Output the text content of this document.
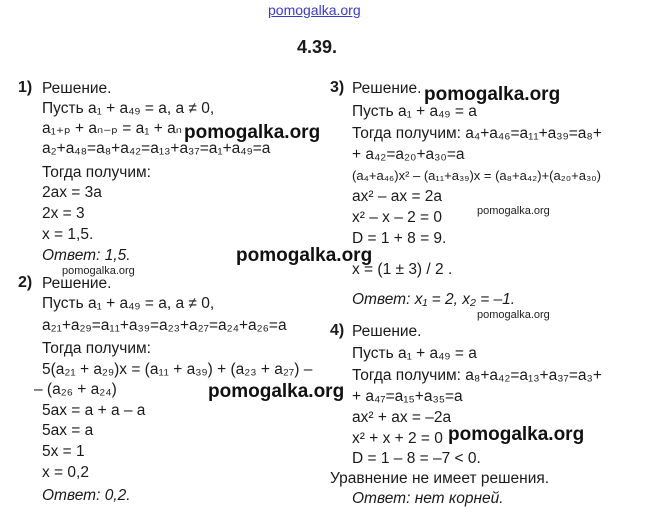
pomogalka.org
4.39.
1) Решение.
Пусть a₁ + a₄₉ = a, a ≠ 0,
a₁₊ₚ + aₙ₋ₚ = a₁ + aₙ
a₂+a₄₈=a₈+a₄₂=a₁₃+a₃₇=a₁+a₄₉=a
Тогда получим:
2ax = 3a
2x = 3
x = 1,5.
Ответ: 1,5.
2) Решение.
Пусть a₁ + a₄₉ = a, a ≠ 0,
a₂₁+a₂₉=a₁₁+a₃₉=a₂₃+a₂₇=a₂₄+a₂₆=a
Тогда получим:
5(a₂₁ + a₂₉)x = (a₁₁ + a₃₉) + (a₂₃ + a₂₇) –
– (a₂₆ + a₂₄)
5ax = a + a – a
5ax = a
5x = 1
x = 0,2
Ответ: 0,2.
3) Решение.
Пусть a₁ + a₄₉ = a
Тогда получим: a₄+a₄₆=a₁₁+a₃₉=a₈+
+ a₄₂=a₂₀+a₃₀=a
(a₄+a₄₆)x² – (a₁₁+a₃₉)x = (a₈+a₄₂)+(a₂₀+a₃₀)
ax² – ax = 2a
x² – x – 2 = 0
D = 1 + 8 = 9.
x = (1 ± 3) / 2 .
Ответ: x₁ = 2, x₂ = –1.
4) Решение.
Пусть a₁ + a₄₉ = a
Тогда получим: a₈+a₄₂=a₁₃+a₃₇=a₃+
+ a₄₇=a₁₅+a₃₅=a
ax² + ax = –2a
x² + x + 2 = 0
D = 1 – 8 = –7 < 0.
Уравнение не имеет решения.
Ответ: нет корней.
pomogalka.org
pomogalka.org
pomogalka.org
pomogalka.org
pomogalka.org
pomogalka.org
pomogalka.org
pomogalka.org
